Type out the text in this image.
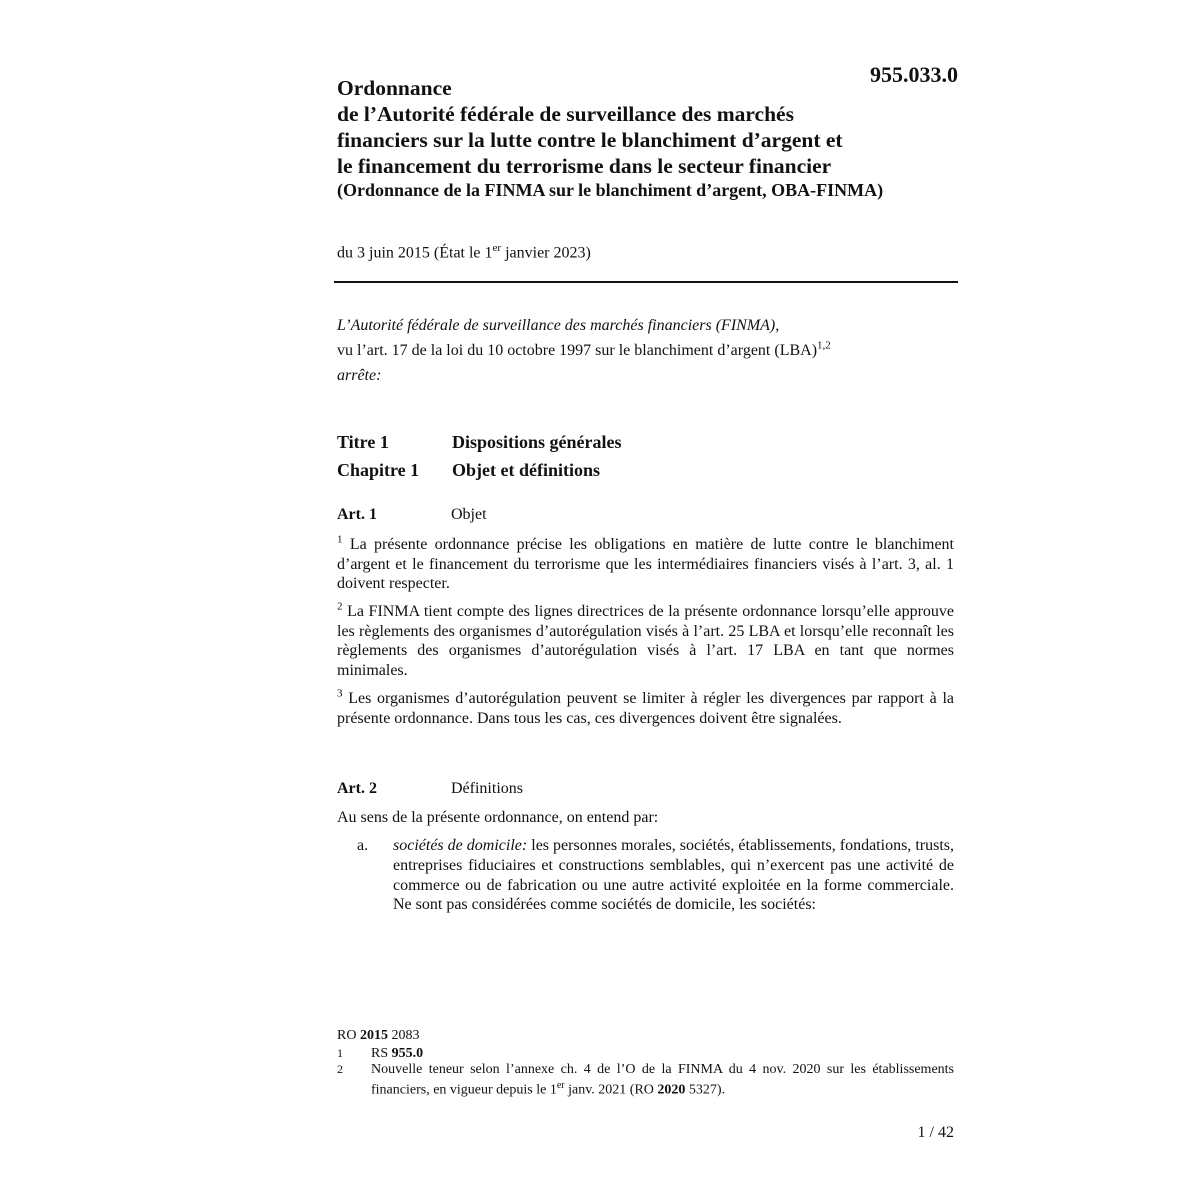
955.033.0
Ordonnance
de l’Autorité fédérale de surveillance des marchés
financiers sur la lutte contre le blanchiment d’argent et
le financement du terrorisme dans le secteur financier
(Ordonnance de la FINMA sur le blanchiment d’argent, OBA-FINMA)
du 3 juin 2015 (État le 1er janvier 2023)
L’Autorité fédérale de surveillance des marchés financiers (FINMA),
vu l’art. 17 de la loi du 10 octobre 1997 sur le blanchiment d’argent (LBA)$^{1,2}$
arrête:
Titre 1	Dispositions générales
Chapitre 1	Objet et définitions
Art. 1	Objet
$^1$ La présente ordonnance précise les obligations en matière de lutte contre le blanchiment d’argent et le financement du terrorisme que les intermédiaires financiers visés à l’art. 3, al. 1 doivent respecter.
$^2$ La FINMA tient compte des lignes directrices de la présente ordonnance lorsqu’elle approuve les règlements des organismes d’autorégulation visés à l’art. 25 LBA et lorsqu’elle reconnaît les règlements des organismes d’autorégulation visés à l’art. 17 LBA en tant que normes minimales.
$^3$ Les organismes d’autorégulation peuvent se limiter à régler les divergences par rapport à la présente ordonnance. Dans tous les cas, ces divergences doivent être signalées.
Art. 2	Définitions
Au sens de la présente ordonnance, on entend par:
a.	sociétés de domicile: les personnes morales, sociétés, établissements, fondations, trusts, entreprises fiduciaires et constructions semblables, qui n’exercent pas une activité de commerce ou de fabrication ou une autre activité exploitée en la forme commerciale. Ne sont pas considérées comme sociétés de domicile, les sociétés:
RO 2015 2083
1	RS 955.0
2	Nouvelle teneur selon l’annexe ch. 4 de l’O de la FINMA du 4 nov. 2020 sur les établissements financiers, en vigueur depuis le 1er janv. 2021 (RO 2020 5327).
1 / 42
